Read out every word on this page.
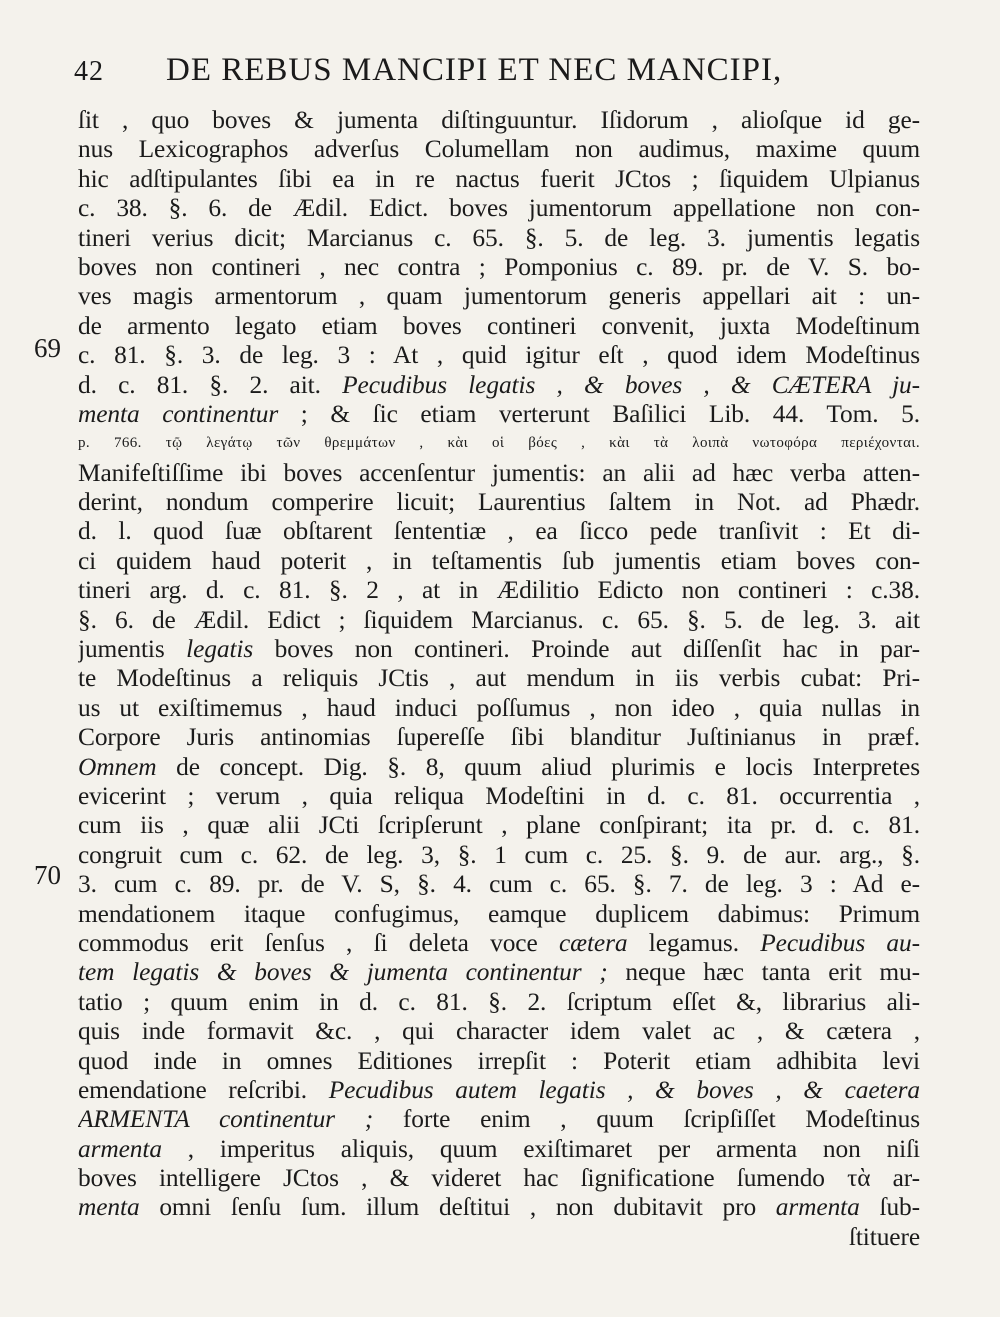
42 DE REBUS MANCIPI ET NEC MANCIPI,
69
70
ſit , quo boves & jumenta diſtinguuntur. Iſidorum , alioſque id ge-
nus Lexicographos adverſus Columellam non audimus, maxime quum
hic adſtipulantes ſibi ea in re nactus fuerit JCtos ; ſiquidem Ulpianus
c. 38. §. 6. de Ædil. Edict. boves jumentorum appellatione non con-
tineri verius dicit; Marcianus c. 65. §. 5. de leg. 3. jumentis legatis
boves non contineri , nec contra ; Pomponius c. 89. pr. de V. S. bo-
ves magis armentorum , quam jumentorum generis appellari ait : un-
de armento legato etiam boves contineri convenit, juxta Modeſtinum
c. 81. §. 3. de leg. 3 : At , quid igitur eſt , quod idem Modeſtinus
d. c. 81. §. 2. ait. Pecudibus legatis , & boves , & CÆTERA ju-
menta continentur ; & ſic etiam verterunt Baſilici Lib. 44. Tom. 5.
p. 766. τῷ λεγάτῳ τῶν θρεμμάτων , κὰι οἱ βόες , κὰι τὰ λοιπὰ νωτοφόρα περιέχονται.
Manifeſtiſſime ibi boves accenſentur jumentis: an alii ad hæc verba atten-
derint, nondum comperire licuit; Laurentius ſaltem in Not. ad Phædr.
d. l. quod ſuæ obſtarent ſententiæ , ea ſicco pede tranſivit : Et di-
ci quidem haud poterit , in teſtamentis ſub jumentis etiam boves con-
tineri arg. d. c. 81. §. 2 , at in Ædilitio Edicto non contineri : c.38.
§. 6. de Ædil. Edict ; ſiquidem Marcianus. c. 65. §. 5. de leg. 3. ait
jumentis legatis boves non contineri. Proinde aut diſſenſit hac in par-
te Modeſtinus a reliquis JCtis , aut mendum in iis verbis cubat: Pri-
us ut exiſtimemus , haud induci poſſumus , non ideo , quia nullas in
Corpore Juris antinomias ſupereſſe ſibi blanditur Juſtinianus in præf.
Omnem de concept. Dig. §. 8, quum aliud plurimis e locis Interpretes
evicerint ; verum , quia reliqua Modeſtini in d. c. 81. occurrentia ,
cum iis , quæ alii JCti ſcripſerunt , plane conſpirant; ita pr. d. c. 81.
congruit cum c. 62. de leg. 3, §. 1 cum c. 25. §. 9. de aur. arg., §.
3. cum c. 89. pr. de V. S, §. 4. cum c. 65. §. 7. de leg. 3 : Ad e-
mendationem itaque confugimus, eamque duplicem dabimus: Primum
commodus erit ſenſus , ſi deleta voce cætera legamus. Pecudibus au-
tem legatis & boves & jumenta continentur ; neque hæc tanta erit mu-
tatio ; quum enim in d. c. 81. §. 2. ſcriptum eſſet &, librarius ali-
quis inde formavit &c. , qui character idem valet ac , & cætera ,
quod inde in omnes Editiones irrepſit : Poterit etiam adhibita levi
emendatione reſcribi. Pecudibus autem legatis , & boves , & caetera
ARMENTA continentur ; forte enim , quum ſcripſiſſet Modeſtinus
armenta , imperitus aliquis, quum exiſtimaret per armenta non niſi
boves intelligere JCtos , & videret hac ſignificatione ſumendo τὰ ar-
menta omni ſenſu ſum. illum deſtitui , non dubitavit pro armenta ſub-
ſtituere
